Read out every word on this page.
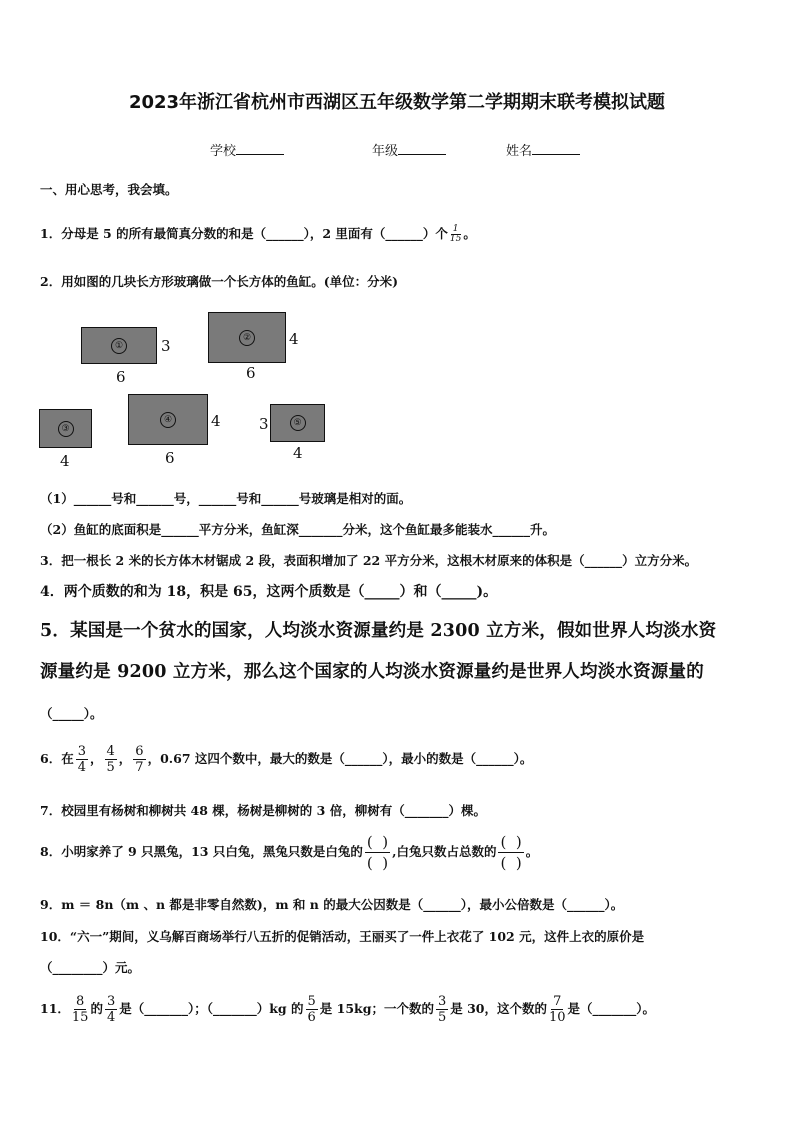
2023年浙江省杭州市西湖区五年级数学第二学期期末联考模拟试题
学校	年级	姓名
一、用心思考，我会填。
1．分母是 5 的所有最简真分数的和是（______），2 里面有（______）个 $\frac{1}{15}$ 。
2．用如图的几块长方形玻璃做一个长方体的鱼缸。(单位：分米)
①	3
6
②	4
6
③
4
④	4
6
⑤
3
4
（1）______号和______号，______号和______号玻璃是相对的面。
（2）鱼缸的底面积是______平方分米，鱼缸深_______分米，这个鱼缸最多能装水______升。
3．把一根长 2 米的长方体木材锯成 2 段，表面积增加了 22 平方分米，这根木材原来的体积是（______）立方分米。
4．两个质数的和为 18，积是 65，这两个质数是（_____）和（_____)。
5．某国是一个贫水的国家，人均淡水资源量约是 2300 立方米，假如世界人均淡水资
源量约是 9200 立方米，那么这个国家的人均淡水资源量约是世界人均淡水资源量的
（_____）。
6．在 $\frac{3}{4}$ ， $\frac{4}{5}$ ， $\frac{6}{7}$ ，0.67 这四个数中，最大的数是（______），最小的数是（______）。
7．校园里有杨树和柳树共 48 棵，杨树是柳树的 3 倍，柳树有（_______）棵。
8．小明家养了 9 只黑兔，13 只白兔，黑兔只数是白兔的 $\frac{( )}{( )}$ ,白兔只数占总数的 $\frac{( )}{( )}$ 。
9．m ＝ 8n（m 、n 都是非零自然数)，m 和 n 的最大公因数是（______），最小公倍数是（______）。
10．“六一”期间，义乌解百商场举行八五折的促销活动，王丽买了一件上衣花了 102 元，这件上衣的原价是
（________）元。
11． $\frac{8}{15}$ 的 $\frac{3}{4}$ 是（_______）；（_______）kg 的 $\frac{5}{6}$ 是 15kg；一个数的 $\frac{3}{5}$ 是 30，这个数的 $\frac{7}{10}$ 是（_______）。
